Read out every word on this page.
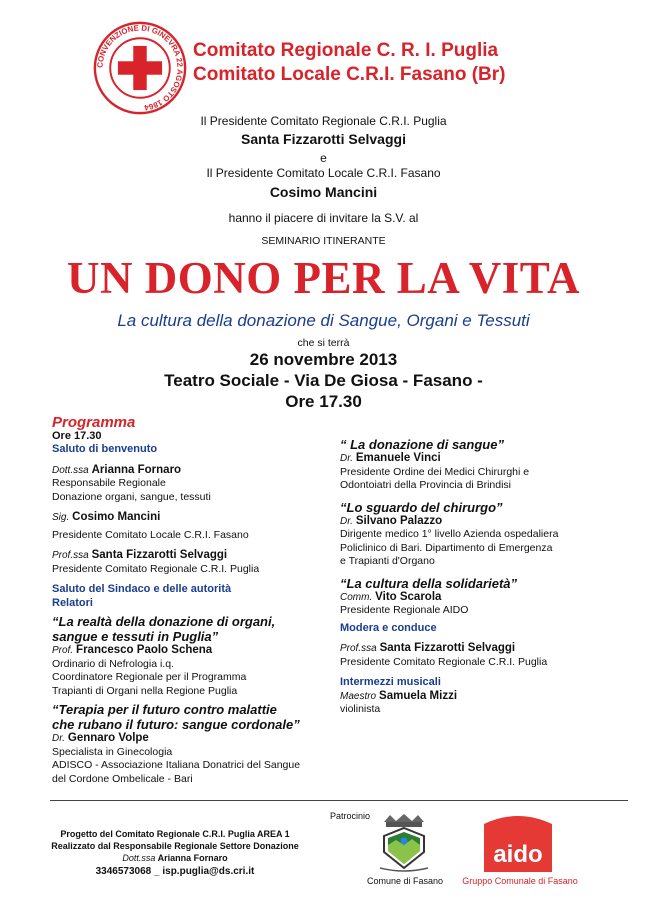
CONVENZIONE DI GINEVRA 22 AGOSTO 1864
Comitato Regionale C. R. I. Puglia
Comitato Locale C.R.I. Fasano (Br)
Il Presidente Comitato Regionale C.R.I. Puglia
Santa Fizzarotti Selvaggi
e
Il Presidente Comitato Locale C.R.I. Fasano
Cosimo Mancini
hanno il piacere di invitare la S.V. al
SEMINARIO ITINERANTE
UN DONO PER LA VITA
La cultura della donazione di Sangue, Organi e Tessuti
che si terrà
26 novembre 2013
Teatro Sociale - Via De Giosa - Fasano -
Ore 17.30
Programma
Ore 17.30
Saluto di benvenuto
Dott.ssa Arianna Fornaro
Responsabile Regionale
Donazione organi, sangue, tessuti
Sig. Cosimo Mancini
Presidente Comitato Locale C.R.I. Fasano
Prof.ssa Santa Fizzarotti Selvaggi
Presidente Comitato Regionale C.R.I. Puglia
Saluto del Sindaco e delle autorità
Relatori
“La realtà della donazione di organi,
sangue e tessuti in Puglia”
Prof. Francesco Paolo Schena
Ordinario di Nefrologia i.q.
Coordinatore Regionale per il Programma
Trapianti di Organi nella Regione Puglia
“Terapia per il futuro contro malattie
che rubano il futuro: sangue cordonale”
Dr. Gennaro Volpe
Specialista in Ginecologia
ADISCO - Associazione Italiana Donatrici del Sangue
del Cordone Ombelicale - Bari
“ La donazione di sangue”
Dr. Emanuele Vinci
Presidente Ordine dei Medici Chirurghi e
Odontoiatri della Provincia di Brindisi
“Lo sguardo del chirurgo”
Dr. Silvano Palazzo
Dirigente medico 1° livello Azienda ospedaliera
Policlinico di Bari. Dipartimento di Emergenza
e Trapianti d'Organo
“La cultura della solidarietà”
Comm. Vito Scarola
Presidente Regionale AIDO
Modera e conduce
Prof.ssa Santa Fizzarotti Selvaggi
Presidente Comitato Regionale C.R.I. Puglia
Intermezzi musicali
Maestro Samuela Mizzi
violinista
Progetto del Comitato Regionale C.R.I. Puglia AREA 1
Realizzato dal Responsabile Regionale Settore Donazione
Dott.ssa Arianna Fornaro
3346573068 _ isp.puglia@ds.cri.it
Patrocinio
Comune di Fasano
aido
Gruppo Comunale di Fasano
